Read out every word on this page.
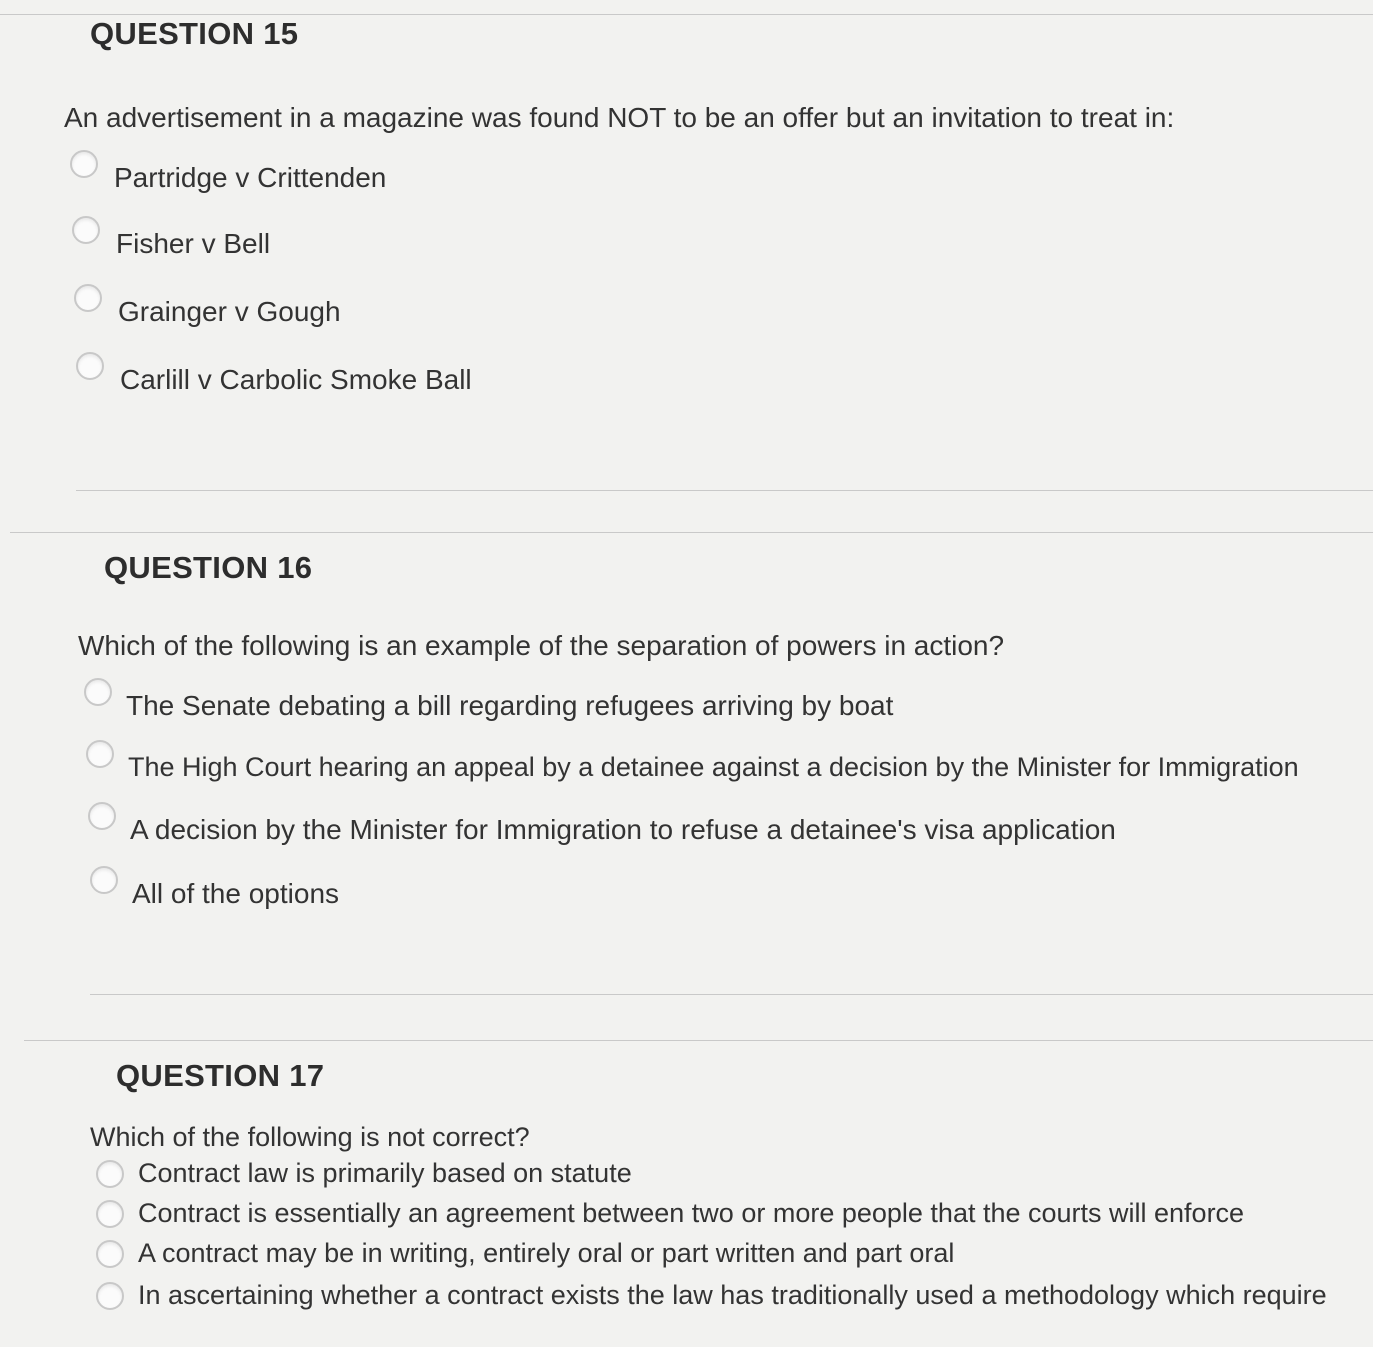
QUESTION 15
An advertisement in a magazine was found NOT to be an offer but an invitation to treat in:
Partridge v Crittenden
Fisher v Bell
Grainger v Gough
Carlill v Carbolic Smoke Ball
QUESTION 16
Which of the following is an example of the separation of powers in action?
The Senate debating a bill regarding refugees arriving by boat
The High Court hearing an appeal by a detainee against a decision by the Minister for Immigration
A decision by the Minister for Immigration to refuse a detainee's visa application
All of the options
QUESTION 17
Which of the following is not correct?
Contract law is primarily based on statute
Contract is essentially an agreement between two or more people that the courts will enforce
A contract may be in writing, entirely oral or part written and part oral
In ascertaining whether a contract exists the law has traditionally used a methodology which require
